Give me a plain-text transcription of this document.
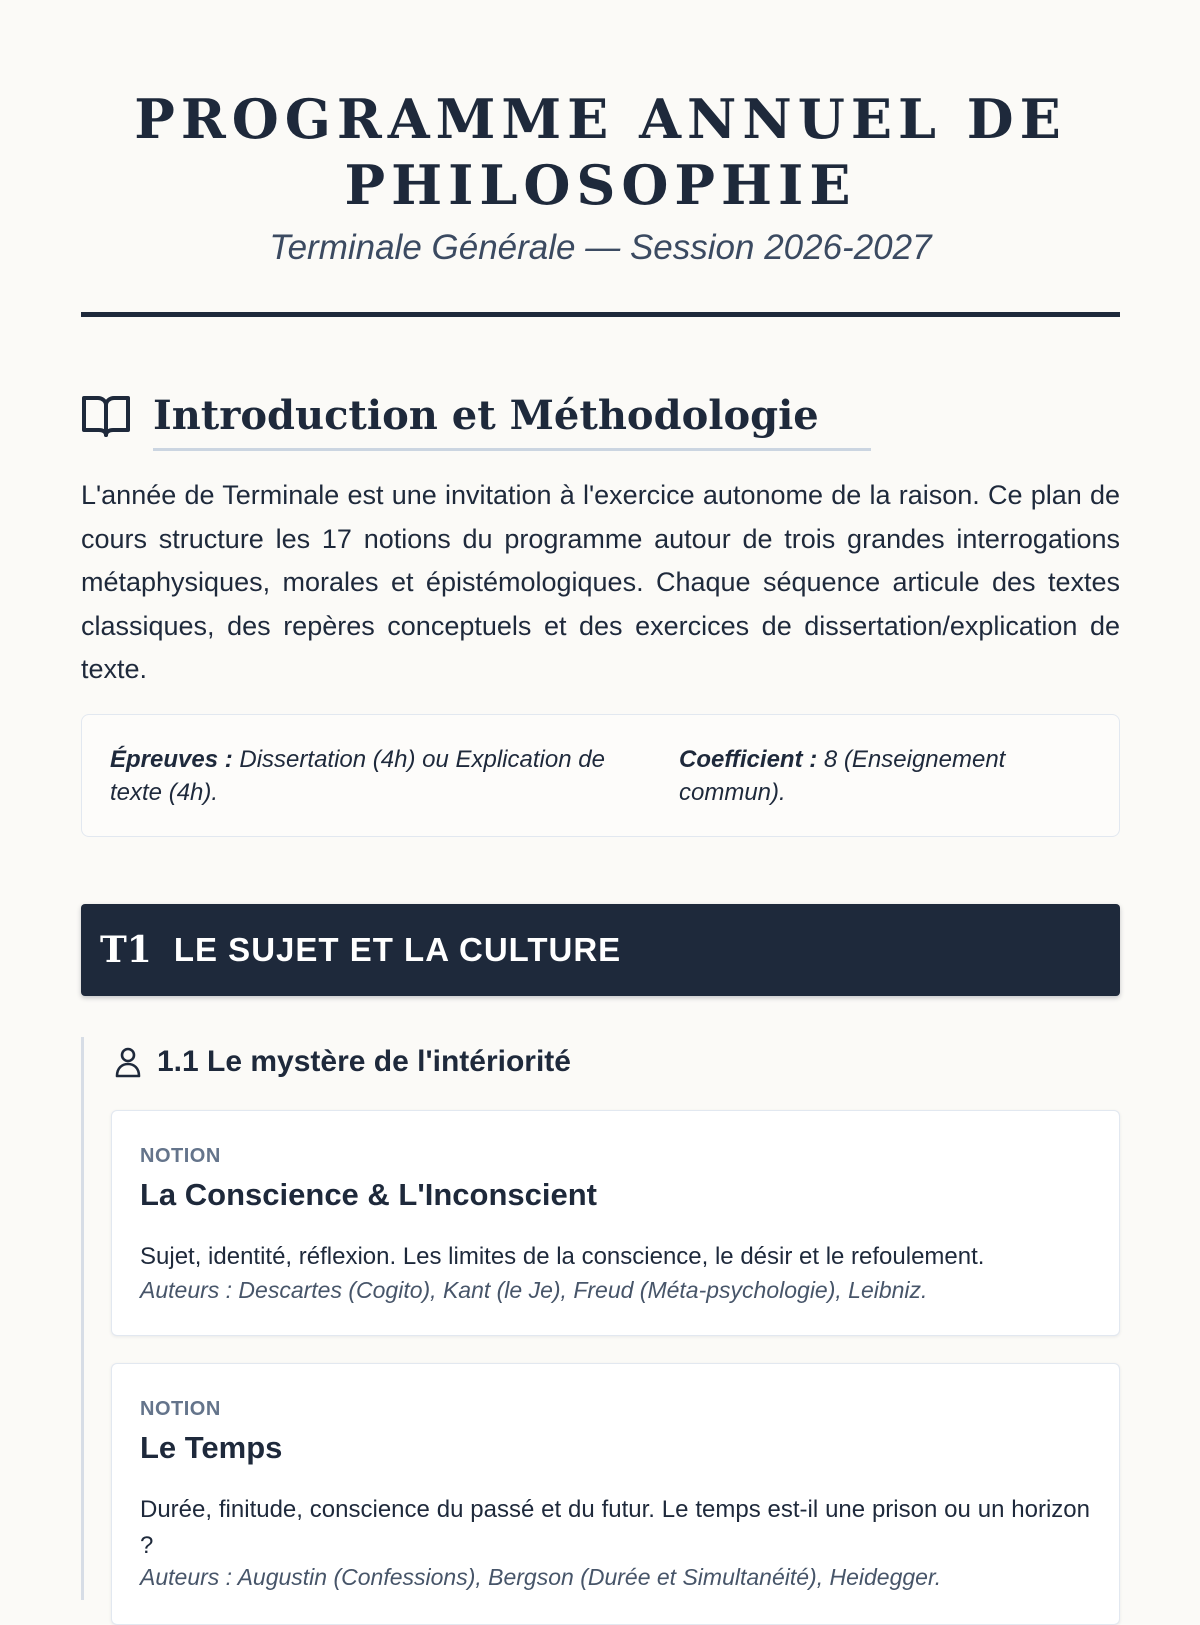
PROGRAMME ANNUEL DE PHILOSOPHIE
Terminale Générale — Session 2026-2027
Introduction et Méthodologie

L'année de Terminale est une invitation à l'exercice autonome de la raison. Ce plan de cours structure les 17 notions du programme autour de trois grandes interrogations métaphysiques, morales et épistémologiques. Chaque séquence articule des textes classiques, des repères conceptuels et des exercices de dissertation/explication de texte.

Épreuves : Dissertation (4h) ou Explication de texte (4h).
Coefficient : 8 (Enseignement commun).
T1 LE SUJET ET LA CULTURE
1.1 Le mystère de l'intériorité
NOTION
La Conscience & L'Inconscient
Sujet, identité, réflexion. Les limites de la conscience, le désir et le refoulement.
Auteurs : Descartes (Cogito), Kant (le Je), Freud (Méta-psychologie), Leibniz.
NOTION
Le Temps
Durée, finitude, conscience du passé et du futur. Le temps est-il une prison ou un horizon ?
Auteurs : Augustin (Confessions), Bergson (Durée et Simultanéité), Heidegger.
